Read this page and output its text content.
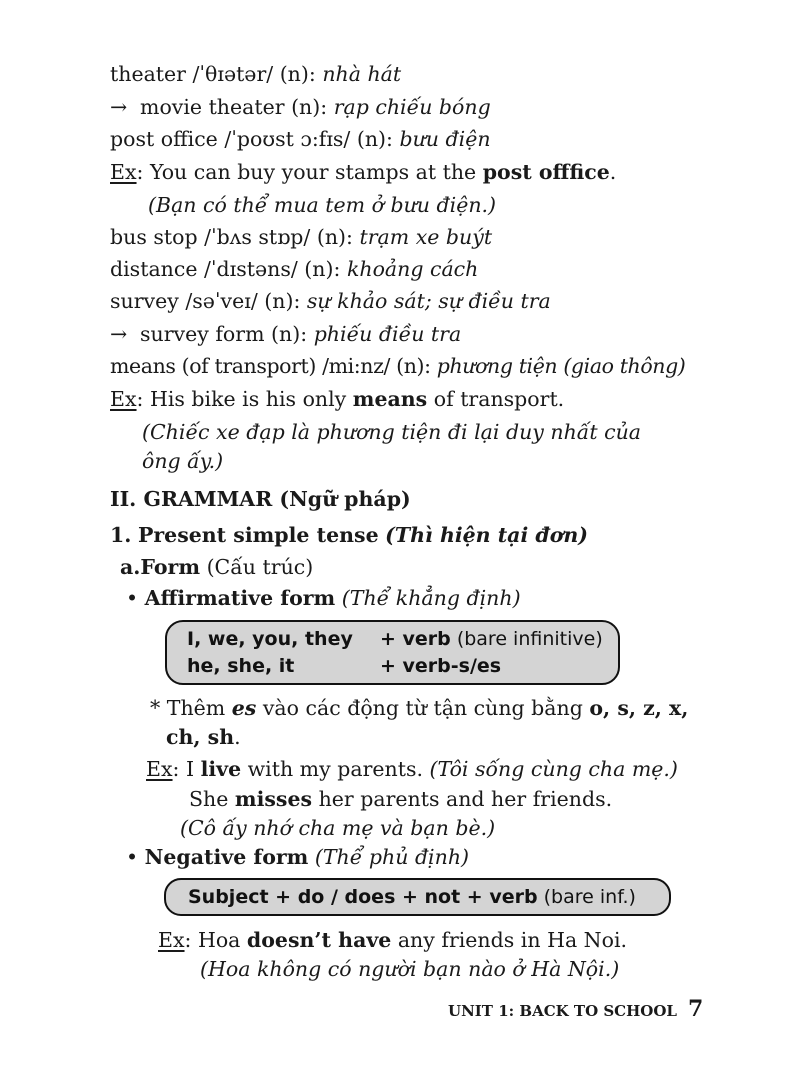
theater /ˈθɪətər/ (n): nhà hát
→ movie theater (n): rạp chiếu bóng
post office /ˈpoʊst ɔ:fɪs/ (n): bưu điện
Ex: You can buy your stamps at the post offfice.
(Bạn có thể mua tem ở bưu điện.)
bus stop /ˈbʌs stɒp/ (n): trạm xe buýt
distance /ˈdɪstəns/ (n): khoảng cách
survey /səˈveɪ/ (n): sự khảo sát; sự điều tra
→ survey form (n): phiếu điều tra
means (of transport) /mi:nz/ (n): phương tiện (giao thông)
Ex: His bike is his only means of transport.
(Chiếc xe đạp là phương tiện đi lại duy nhất của
ông ấy.)
II. GRAMMAR (Ngữ pháp)
1. Present simple tense (Thì hiện tại đơn)
a.Form (Cấu trúc)
• Affirmative form (Thể khẳng định)
I, we, you, they + verb (bare infinitive)
he, she, it	+ verb-s/es
* Thêm es vào các động từ tận cùng bằng o, s, z, x,
ch, sh.
Ex: I live with my parents. (Tôi sống cùng cha mẹ.)
She misses her parents and her friends.
(Cô ấy nhớ cha mẹ và bạn bè.)
• Negative form (Thể phủ định)
Subject + do / does + not + verb (bare inf.)
Ex: Hoa doesn’t have any friends in Ha Noi.
(Hoa không có người bạn nào ở Hà Nội.)
UNIT 1: BACK TO SCHOOL 7
